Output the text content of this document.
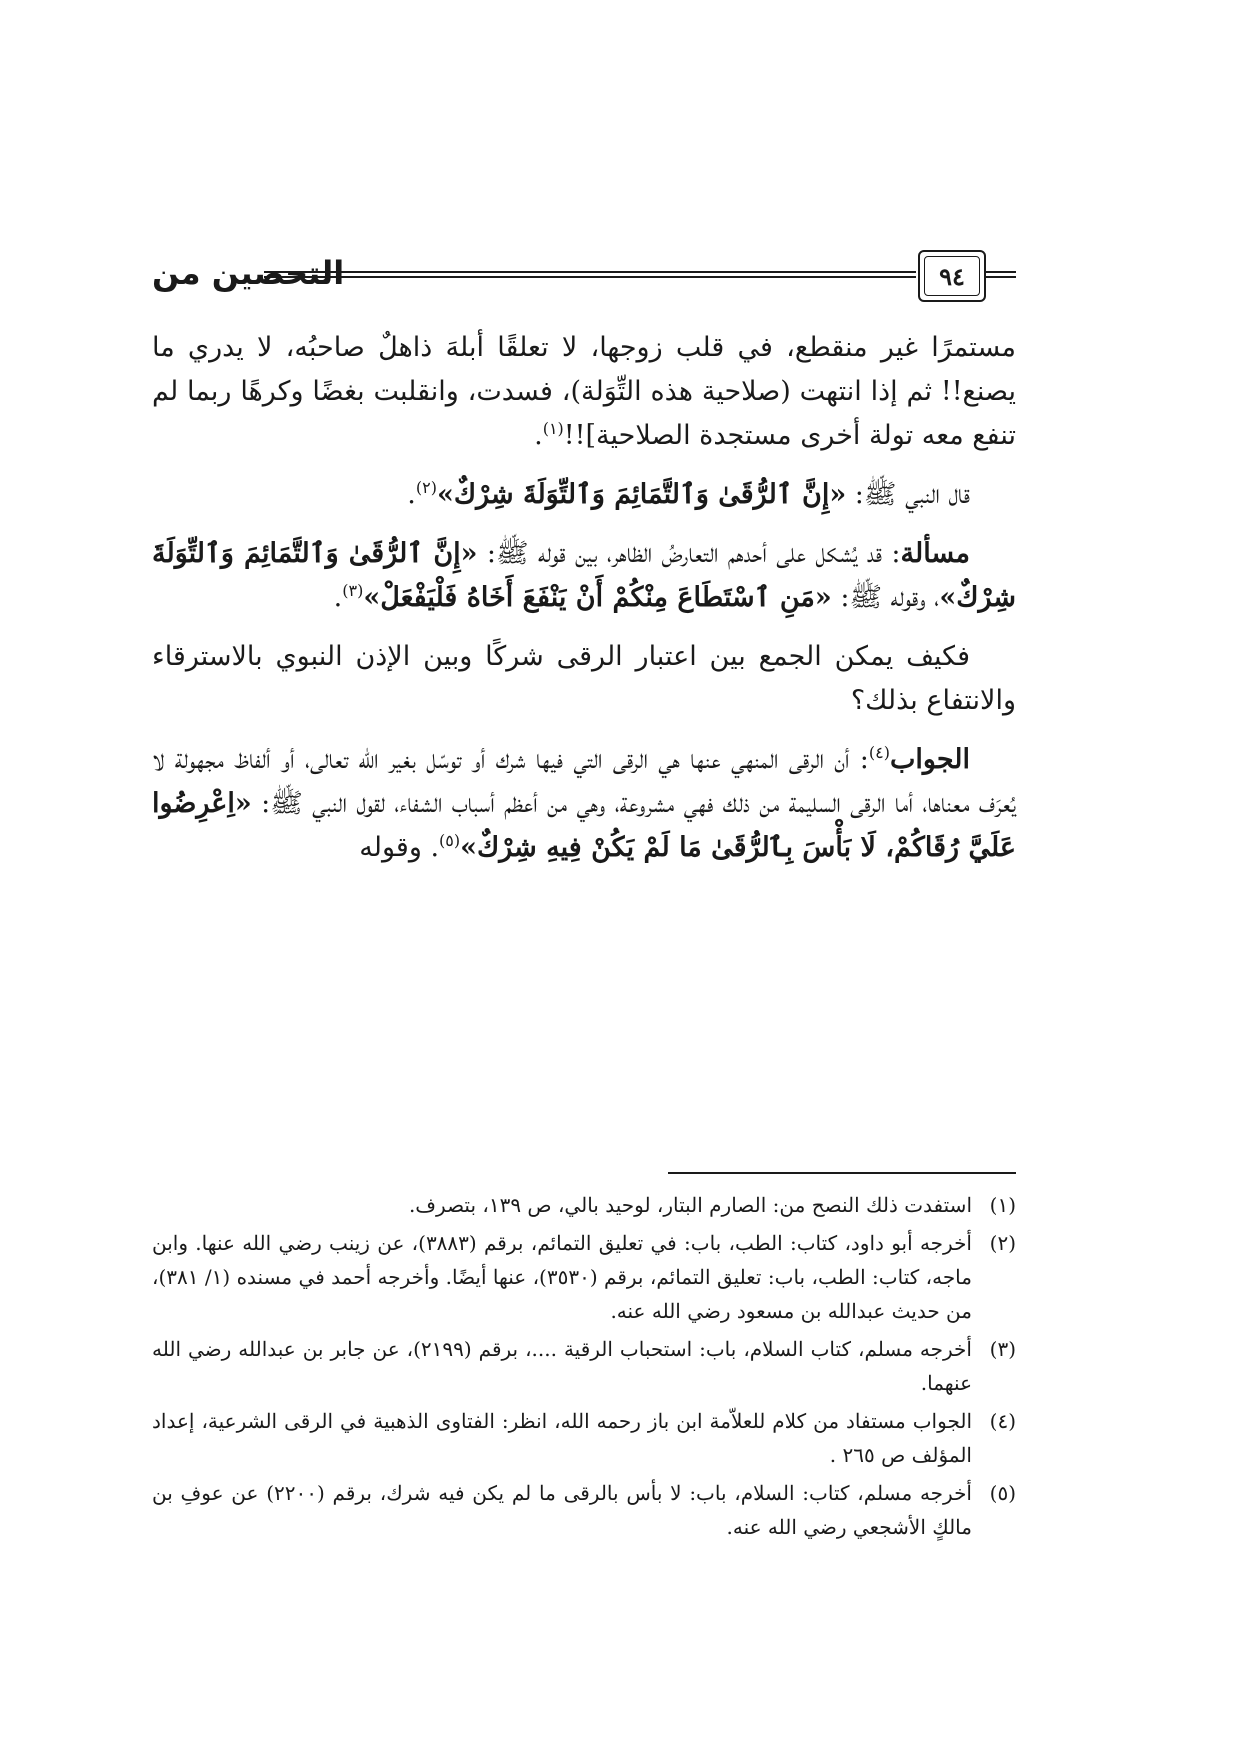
التحصين من	٩٤

مستمرًا غير منقطع، في قلب زوجها، لا تعلقًا أبلهَ ذاهلٌ صاحبُه، لا يدري ما يصنع!! ثم إذا انتهت (صلاحية هذه التِّوَلة)، فسدت، وانقلبت بغضًا وكرهًا ربما لم تنفع معه تولة أخرى مستجدة الصلاحية]!!$^{(١)}$.

قال النبي ﷺ: «إِنَّ ٱلرُّقَىٰ وَٱلتَّمَائِمَ وَٱلتِّوَلَةَ شِرْكٌ»$^{(٢)}$.

مسألة: قد يُشكل على أحدهم التعارضُ الظاهر، بين قوله ﷺ: «إِنَّ ٱلرُّقَىٰ وَٱلتَّمَائِمَ وَٱلتِّوَلَةَ شِرْكٌ»، وقوله ﷺ: «مَنِ ٱسْتَطَاعَ مِنْكُمْ أَنْ يَنْفَعَ أَخَاهُ فَلْيَفْعَلْ»$^{(٣)}$.

فكيف يمكن الجمع بين اعتبار الرقى شركًا وبين الإذن النبوي بالاسترقاء والانتفاع بذلك؟

الجواب$^{(٤)}$: أن الرقى المنهي عنها هي الرقى التي فيها شرك أو توسّل بغير الله تعالى، أو ألفاظ مجهولة لا يُعرَف معناها، أما الرقى السليمة من ذلك فهي مشروعة، وهي من أعظم أسباب الشفاء، لقول النبي ﷺ: «اِعْرِضُوا عَلَيَّ رُقَاكُمْ، لَا بَأْسَ بِٱلرُّقَىٰ مَا لَمْ يَكُنْ فِيهِ شِرْكٌ»$^{(٥)}$. وقوله

(١)
استفدت ذلك النصح من: الصارم البتار، لوحيد بالي، ص ١٣٩، بتصرف.
(٢)
أخرجه أبو داود، كتاب: الطب، باب: في تعليق التمائم، برقم (٣٨٨٣)، عن زينب رضي الله عنها. وابن ماجه، كتاب: الطب، باب: تعليق التمائم، برقم (٣٥٣٠)، عنها أيضًا. وأخرجه أحمد في مسنده (١/ ٣٨١)، من حديث عبدالله بن مسعود رضي الله عنه.
(٣)
أخرجه مسلم، كتاب السلام، باب: استحباب الرقية ....، برقم (٢١٩٩)، عن جابر بن عبدالله رضي الله عنهما.
(٤)
الجواب مستفاد من كلام للعلاّمة ابن باز رحمه الله، انظر: الفتاوى الذهبية في الرقى الشرعية، إعداد المؤلف ص ٢٦٥ .
(٥)
أخرجه مسلم، كتاب: السلام، باب: لا بأس بالرقى ما لم يكن فيه شرك، برقم (٢٢٠٠) عن عوفِ بن مالكٍ الأشجعي رضي الله عنه.
